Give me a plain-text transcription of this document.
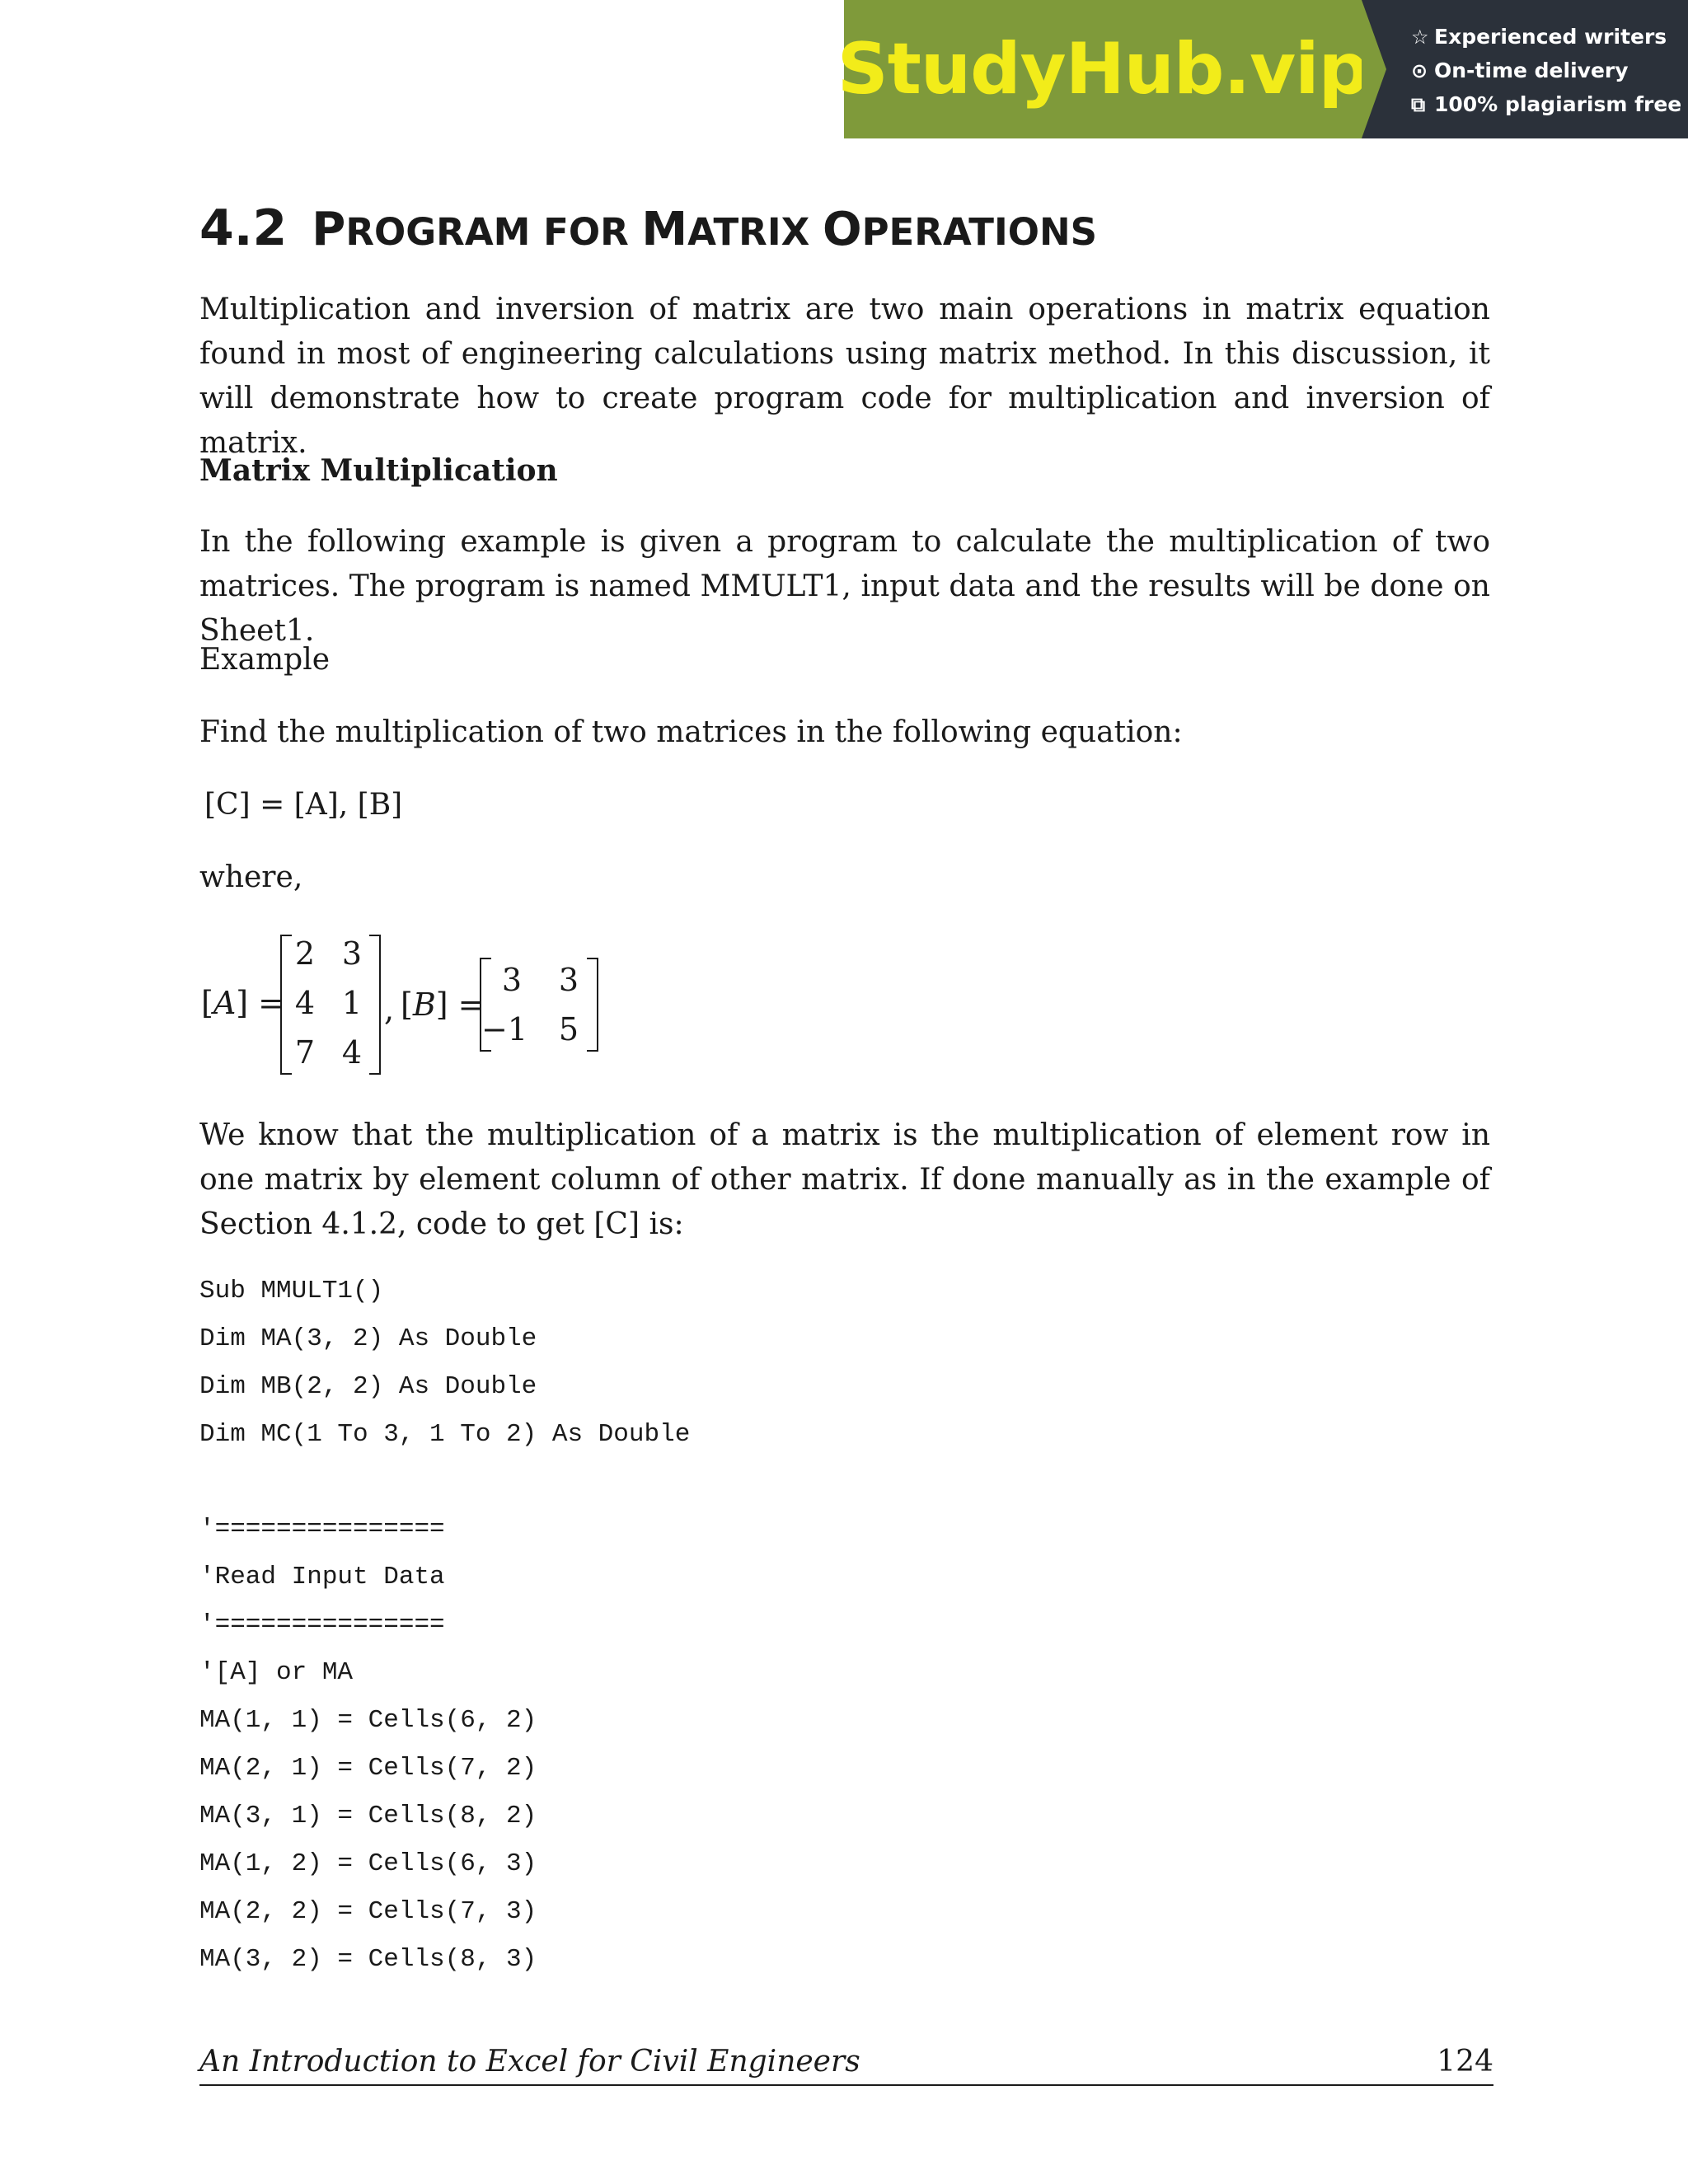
StudyHub.vip ☆ Experienced writers
⊙ On-time delivery
⧉ 100% plagiarism free
4.2 PROGRAM FOR MATRIX OPERATIONS

Multiplication and inversion of matrix are two main operations in matrix equation found in most of engineering calculations using matrix method. In this discussion, it will demonstrate how to create program code for multiplication and inversion of matrix.

Matrix Multiplication

In the following example is given a program to calculate the multiplication of two matrices. The program is named MMULT1, input data and the results will be done on Sheet1.

Example

Find the multiplication of two matrices in the following equation:

[C] = [A], [B]

where,

[A] =
2 3
4 1
7 4
, [B] =
3	3
−1 5

We know that the multiplication of a matrix is the multiplication of element row in one matrix by element column of other matrix. If done manually as in the example of Section 4.1.2, code to get [C] is:

Sub MMULT1()
Dim MA(3, 2) As Double
Dim MB(2, 2) As Double
Dim MC(1 To 3, 1 To 2) As Double
'===============
'Read Input Data
'===============
'[A] or MA
MA(1, 1) = Cells(6, 2)
MA(2, 1) = Cells(7, 2)
MA(3, 1) = Cells(8, 2)
MA(1, 2) = Cells(6, 3)
MA(2, 2) = Cells(7, 3)
MA(3, 2) = Cells(8, 3)
An Introduction to Excel for Civil Engineers	124
